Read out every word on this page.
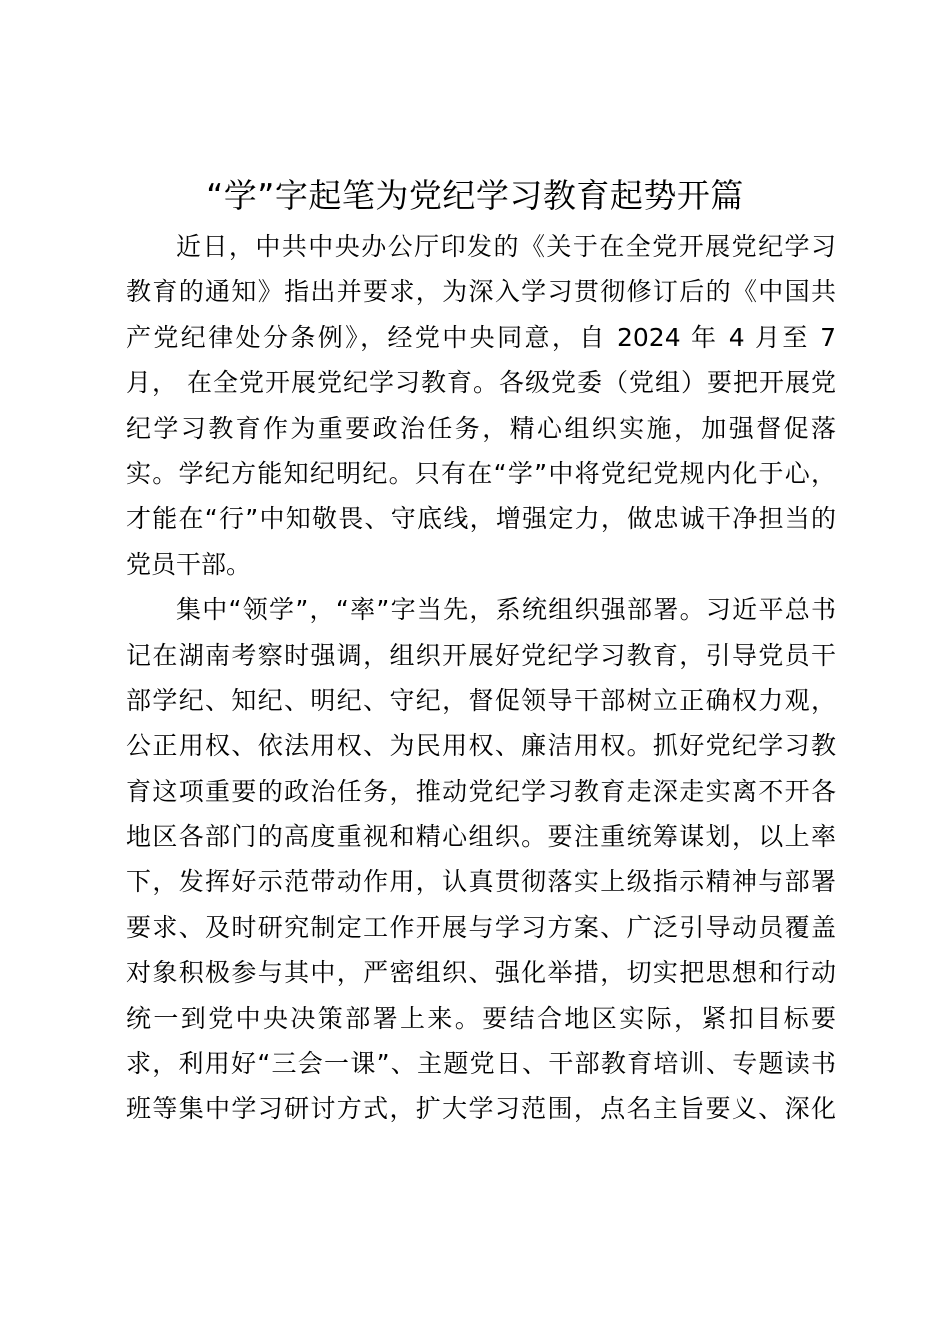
“学”字起笔为党纪学习教育起势开篇
近日，中共中央办公厅印发的《关于在全党开展党纪学习
教育的通知》指出并要求，为深入学习贯彻修订后的《中国共
产党纪律处分条例》，经党中央同意，自 2024 年 4 月至 7
月， 在全党开展党纪学习教育。各级党委（党组）要把开展党
纪学习教育作为重要政治任务，精心组织实施，加强督促落
实。学纪方能知纪明纪。只有在“学”中将党纪党规内化于心，
才能在“行”中知敬畏、守底线，增强定力，做忠诚干净担当的
党员干部。
集中“领学”，“率”字当先，系统组织强部署。习近平总书
记在湖南考察时强调，组织开展好党纪学习教育，引导党员干
部学纪、知纪、明纪、守纪，督促领导干部树立正确权力观，
公正用权、依法用权、为民用权、廉洁用权。抓好党纪学习教
育这项重要的政治任务，推动党纪学习教育走深走实离不开各
地区各部门的高度重视和精心组织。要注重统筹谋划，以上率
下，发挥好示范带动作用，认真贯彻落实上级指示精神与部署
要求、及时研究制定工作开展与学习方案、广泛引导动员覆盖
对象积极参与其中，严密组织、强化举措，切实把思想和行动
统一到党中央决策部署上来。要结合地区实际，紧扣目标要
求，利用好“三会一课”、主题党日、干部教育培训、专题读书
班等集中学习研讨方式，扩大学习范围，点名主旨要义、深化
